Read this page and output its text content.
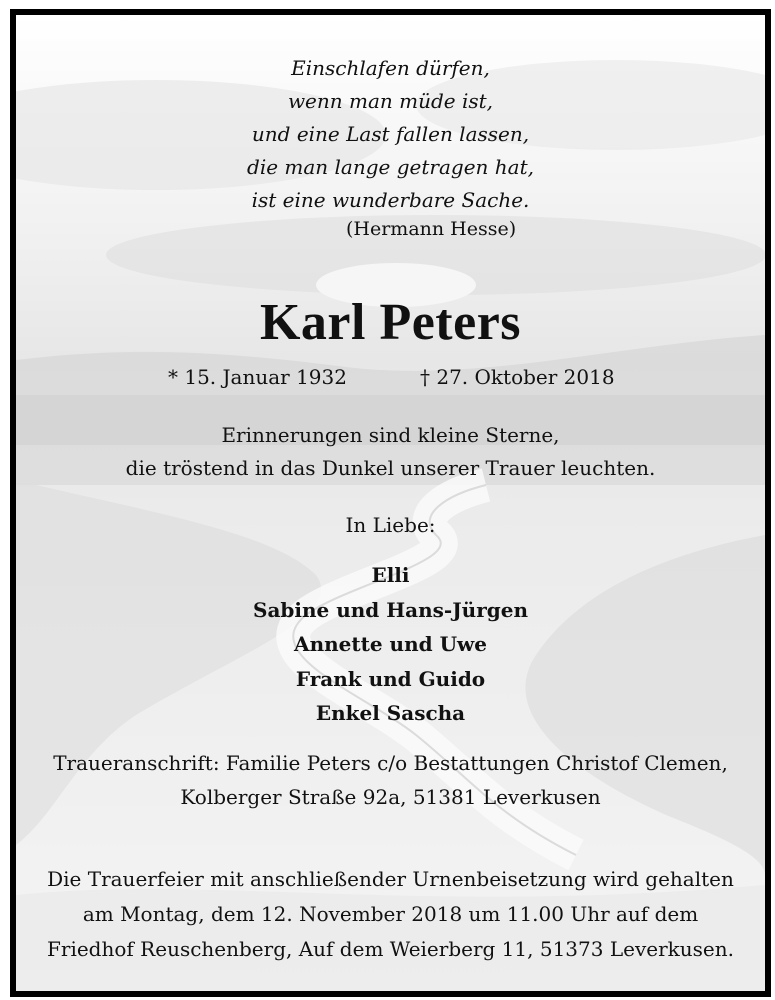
Einschlafen dürfen,
wenn man müde ist,
und eine Last fallen lassen,
die man lange getragen hat,
ist eine wunderbare Sache.
(Hermann Hesse)
Karl Peters
* 15. Januar 1932	† 27. Oktober 2018
Erinnerungen sind kleine Sterne,
die tröstend in das Dunkel unserer Trauer leuchten.
In Liebe:
Elli
Sabine und Hans-Jürgen
Annette und Uwe
Frank und Guido
Enkel Sascha
Traueranschrift: Familie Peters c/o Bestattungen Christof Clemen,
Kolberger Straße 92a, 51381 Leverkusen
Die Trauerfeier mit anschließender Urnenbeisetzung wird gehalten
am Montag, dem 12. November 2018 um 11.00 Uhr auf dem
Friedhof Reuschenberg, Auf dem Weierberg 11, 51373 Leverkusen.
